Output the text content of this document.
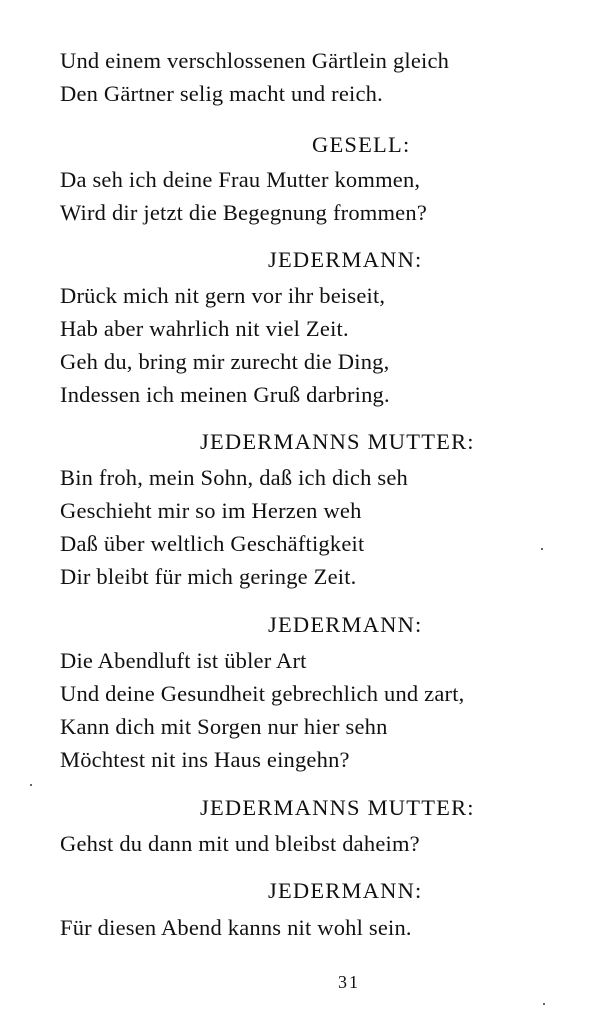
Und einem verschlossenen Gärtlein gleich
Den Gärtner selig macht und reich.
GESELL:
Da seh ich deine Frau Mutter kommen,
Wird dir jetzt die Begegnung frommen?
JEDERMANN:
Drück mich nit gern vor ihr beiseit,
Hab aber wahrlich nit viel Zeit.
Geh du, bring mir zurecht die Ding,
Indessen ich meinen Gruß darbring.
JEDERMANNS MUTTER:
Bin froh, mein Sohn, daß ich dich seh
Geschieht mir so im Herzen weh
Daß über weltlich Geschäftigkeit
Dir bleibt für mich geringe Zeit.
JEDERMANN:
Die Abendluft ist übler Art
Und deine Gesundheit gebrechlich und zart,
Kann dich mit Sorgen nur hier sehn
Möchtest nit ins Haus eingehn?
JEDERMANNS MUTTER:
Gehst du dann mit und bleibst daheim?
JEDERMANN:
Für diesen Abend kanns nit wohl sein.
31
